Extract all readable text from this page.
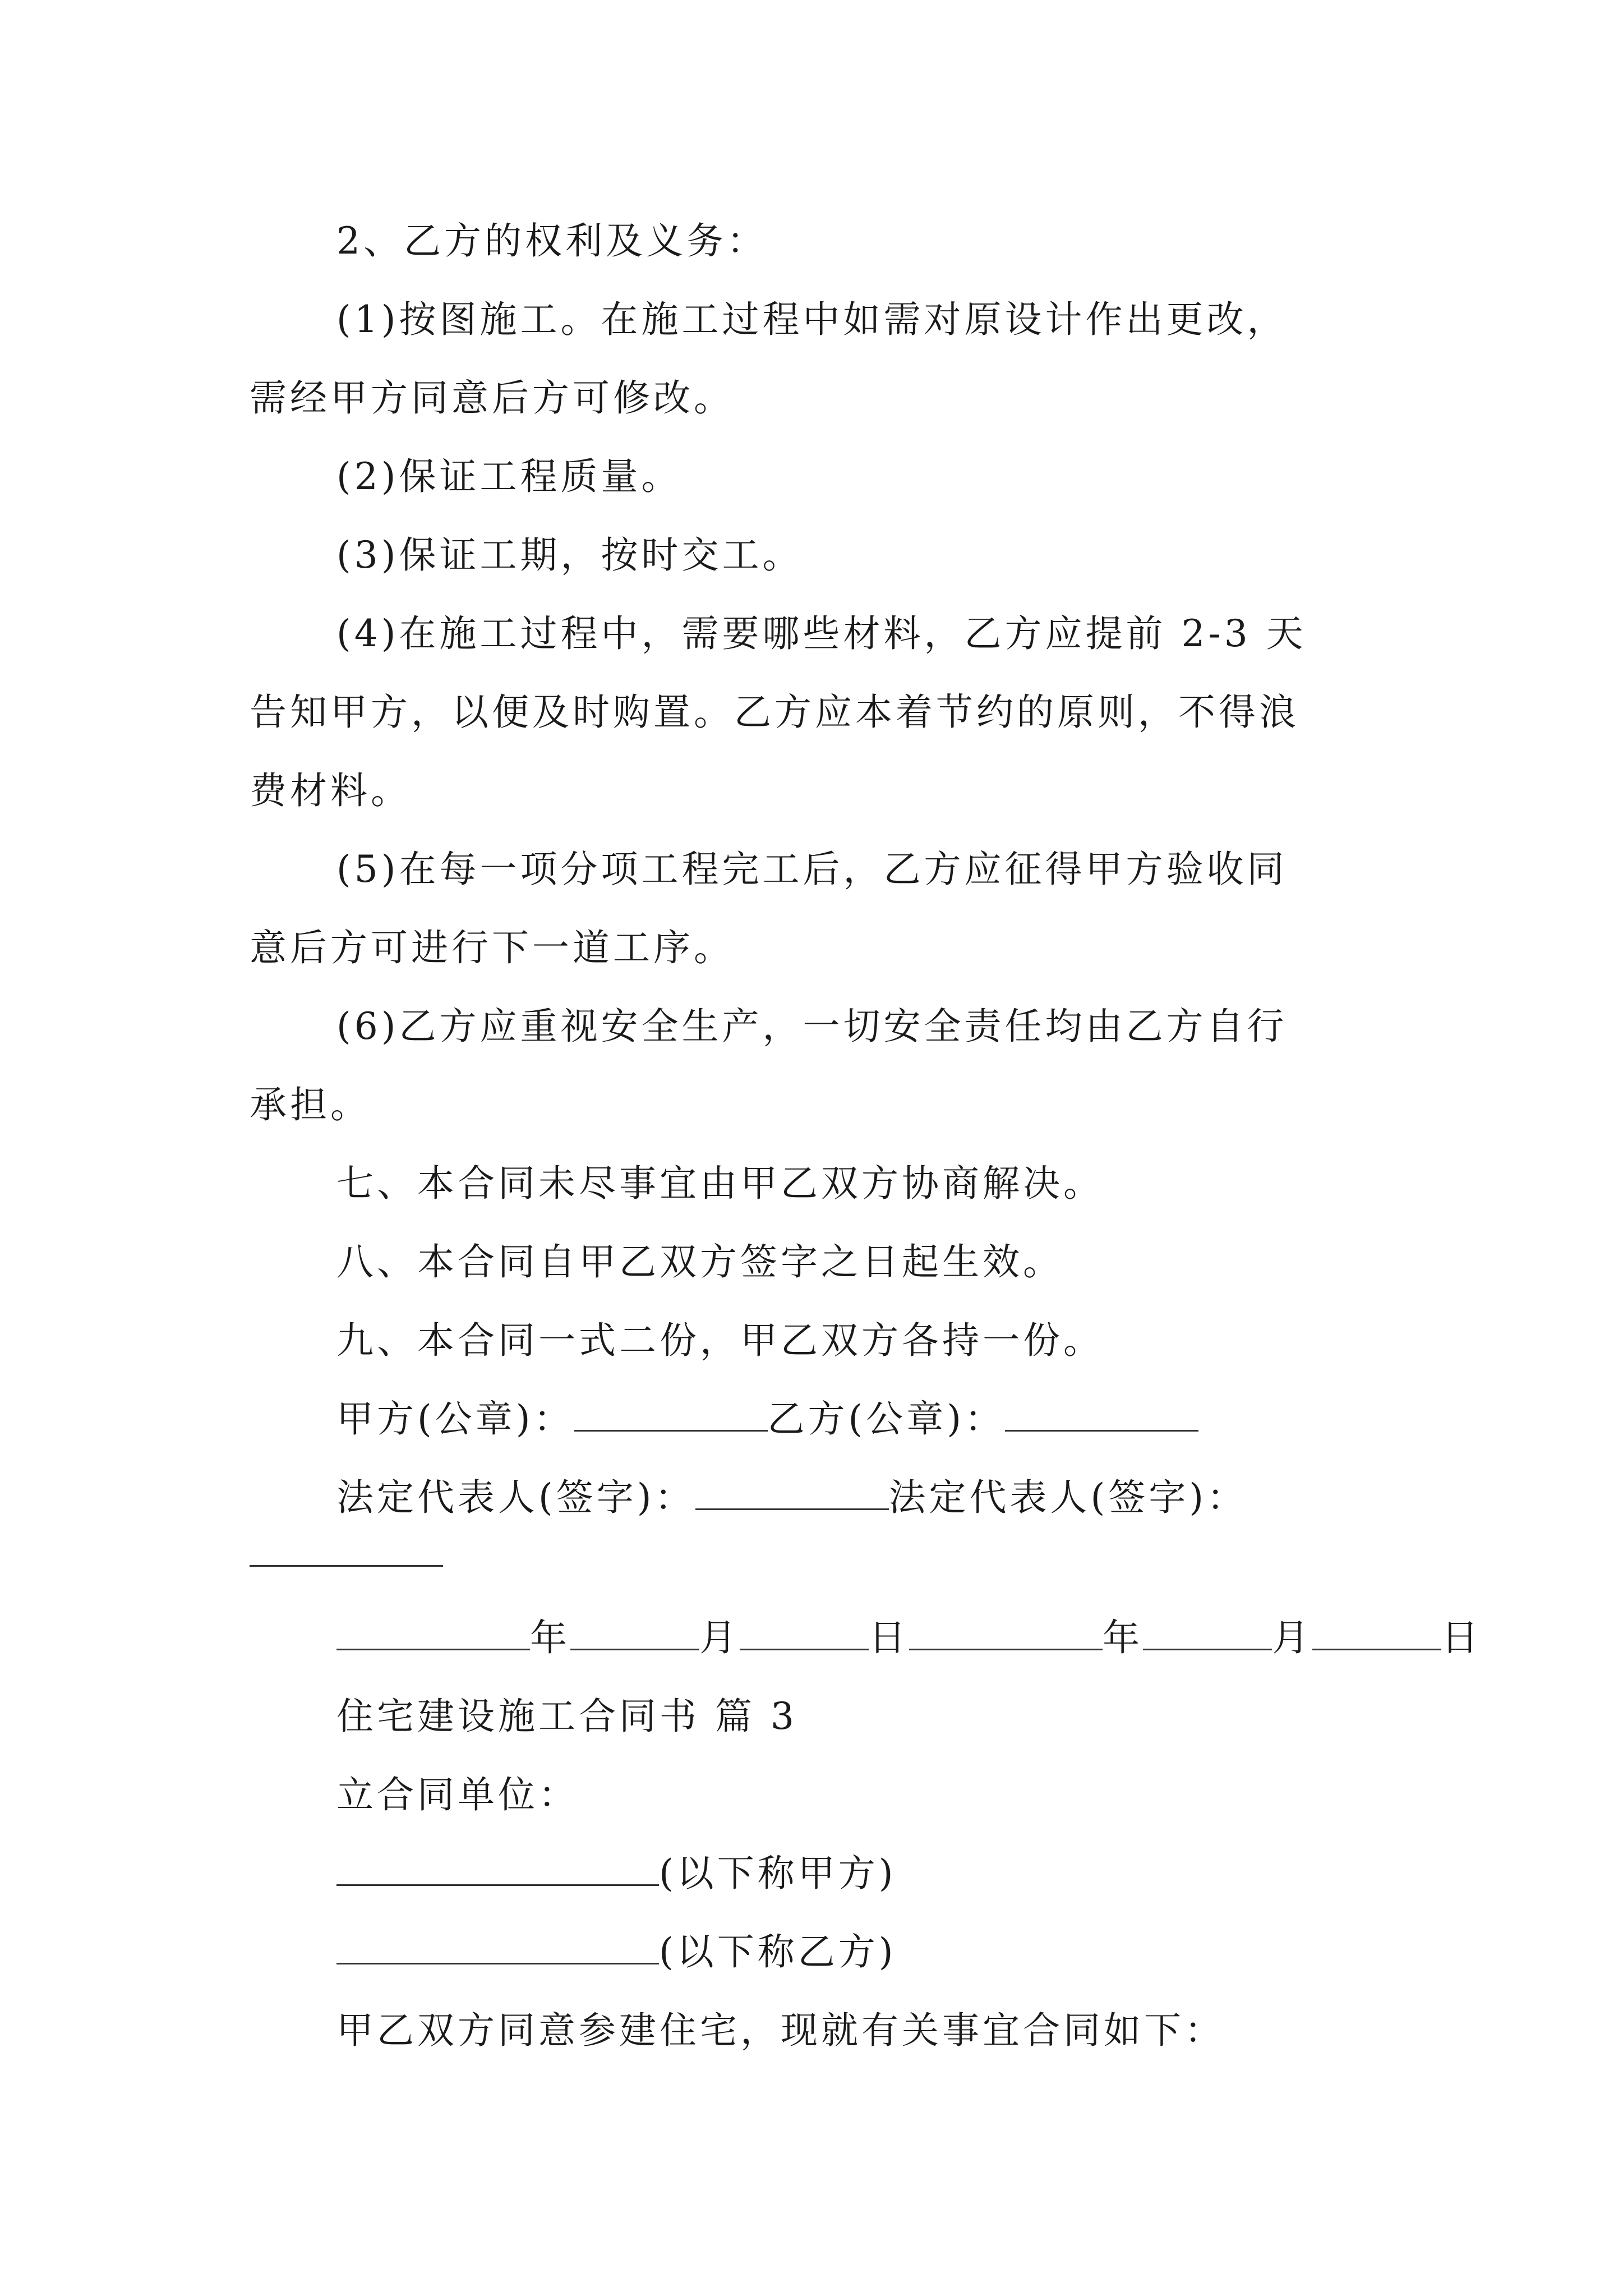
2、乙方的权利及义务：
(1)按图施工。在施工过程中如需对原设计作出更改，
需经甲方同意后方可修改。
(2)保证工程质量。
(3)保证工期，按时交工。
(4)在施工过程中，需要哪些材料，乙方应提前 2-3 天
告知甲方，以便及时购置。乙方应本着节约的原则，不得浪
费材料。
(5)在每一项分项工程完工后，乙方应征得甲方验收同
意后方可进行下一道工序。
(6)乙方应重视安全生产，一切安全责任均由乙方自行
承担。
七、本合同未尽事宜由甲乙双方协商解决。
八、本合同自甲乙双方签字之日起生效。
九、本合同一式二份，甲乙双方各持一份。
甲方(公章)：	乙方(公章)：
法定代表人(签字)：	法定代表人(签字)：
年	月	日	年	月	日
住宅建设施工合同书 篇 3
立合同单位：
(以下称甲方)
(以下称乙方)
甲乙双方同意参建住宅，现就有关事宜合同如下：
